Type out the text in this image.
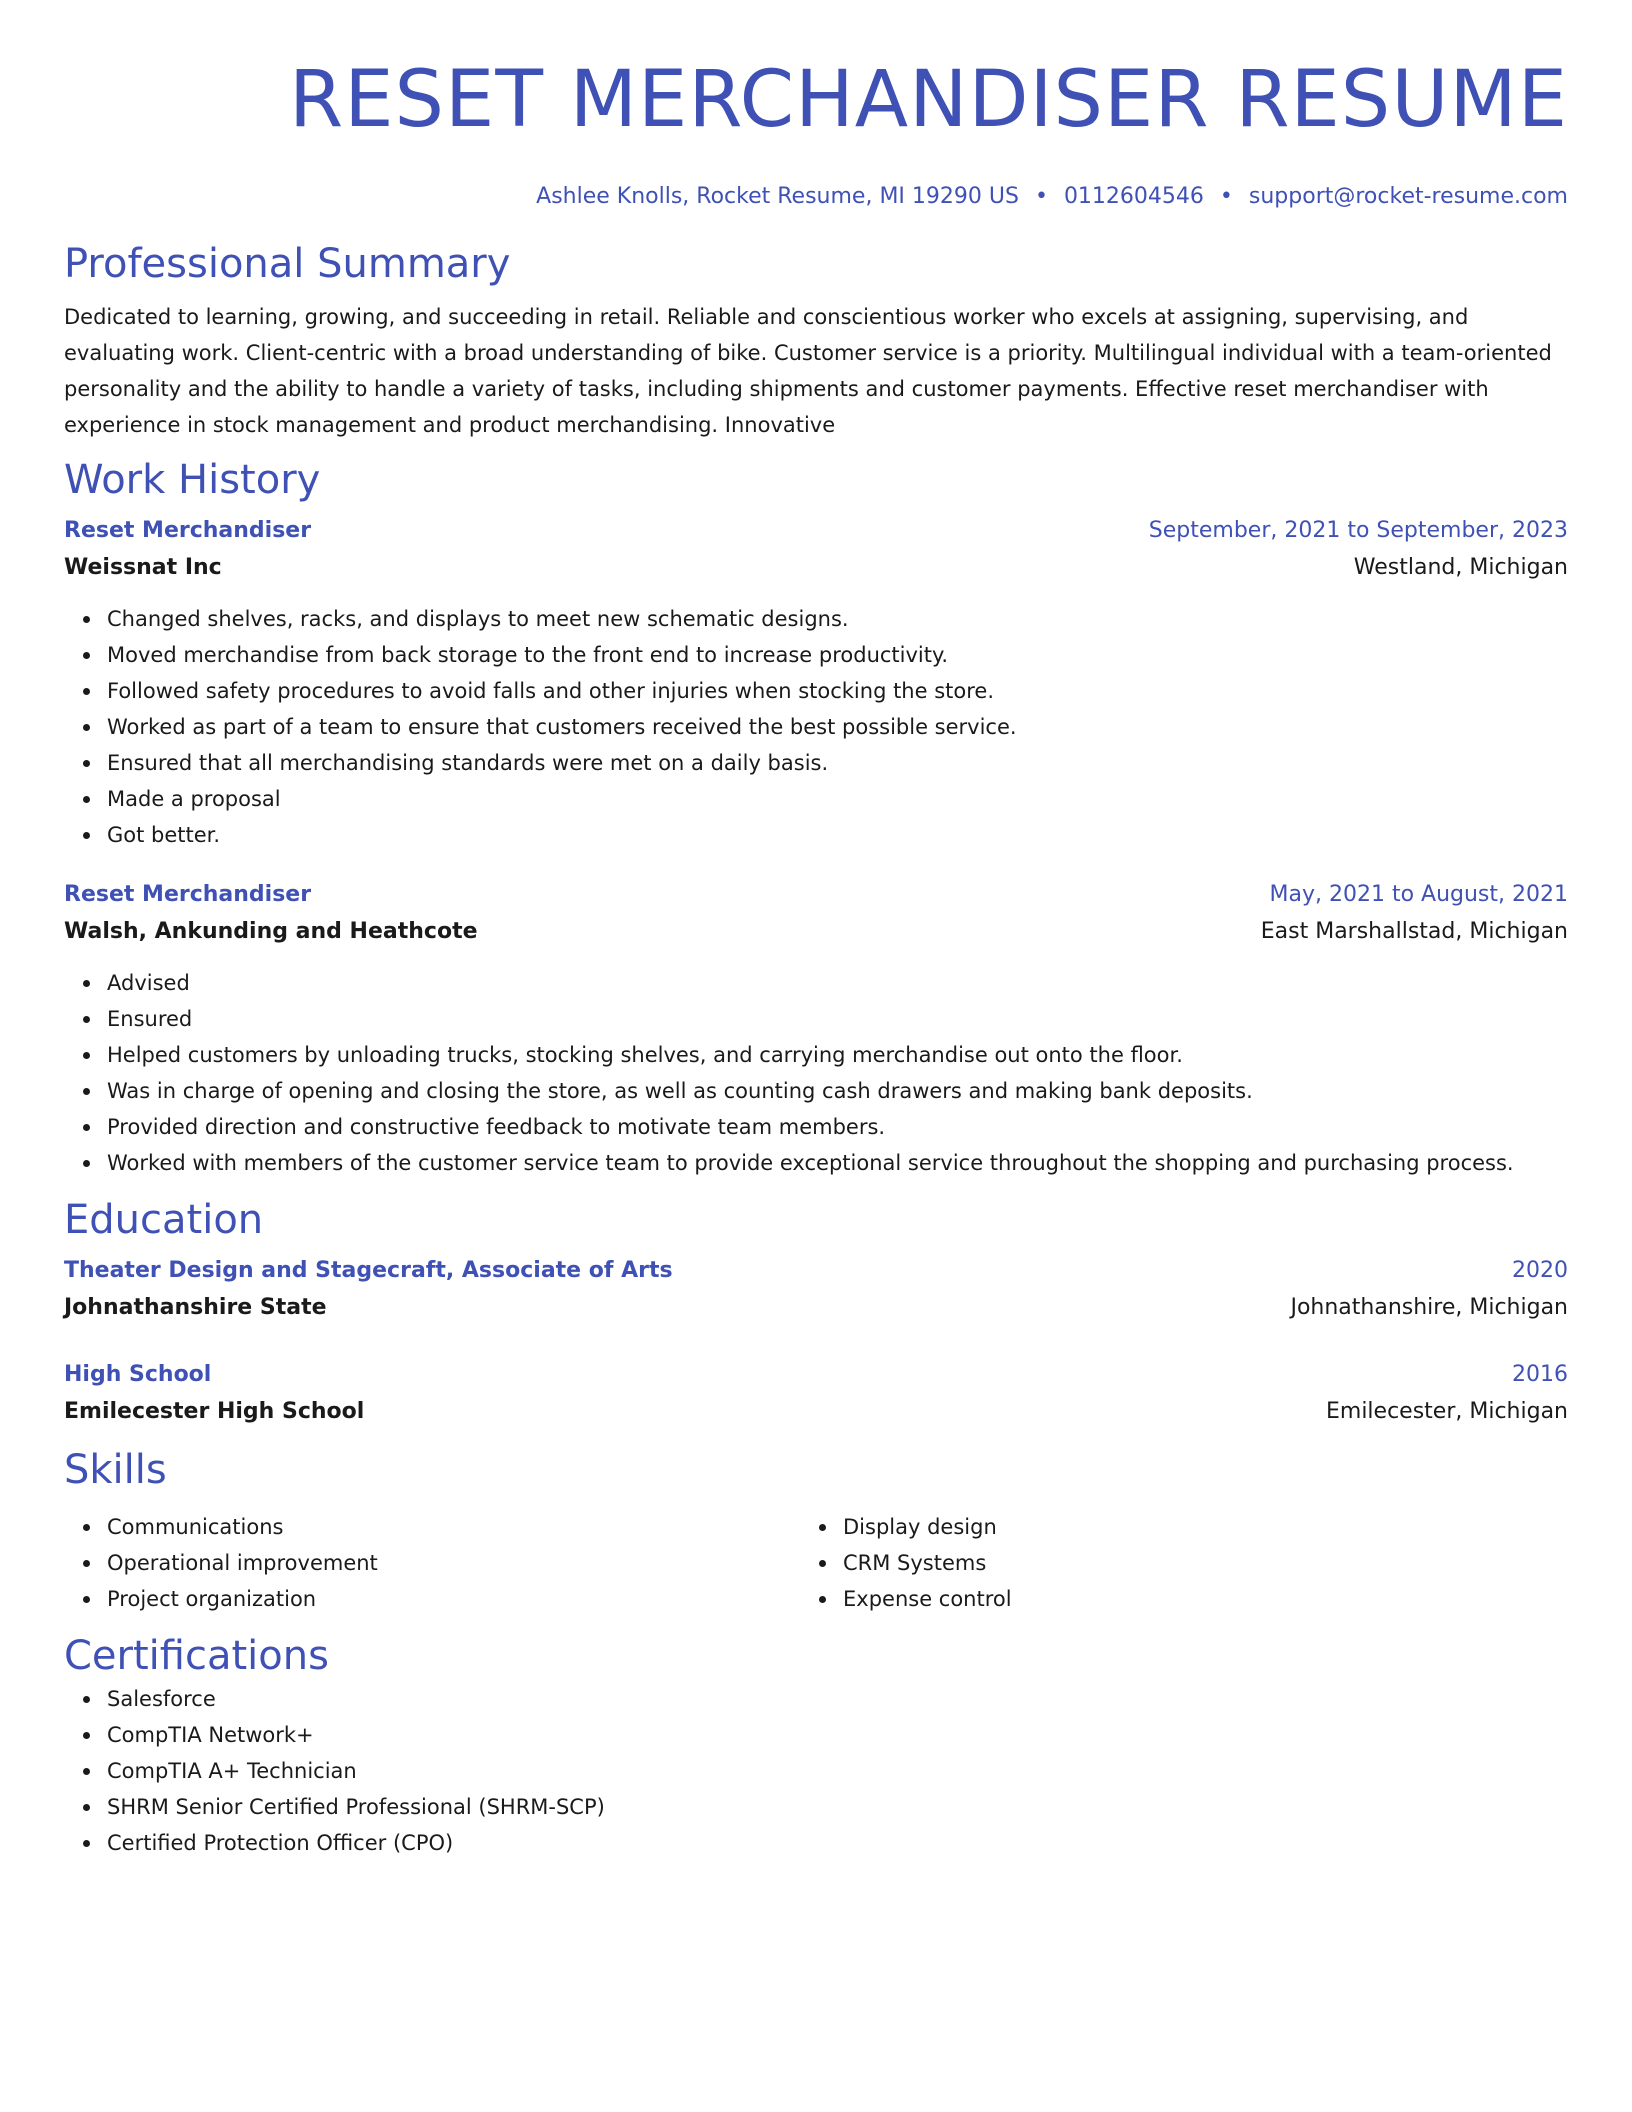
RESET MERCHANDISER RESUME
Ashlee Knolls, Rocket Resume, MI 19290 US • 0112604546 • support@rocket-resume.com
Professional Summary
Dedicated to learning, growing, and succeeding in retail. Reliable and conscientious worker who excels at assigning, supervising, and evaluating work. Client-centric with a broad understanding of bike. Customer service is a priority. Multilingual individual with a team-oriented personality and the ability to handle a variety of tasks, including shipments and customer payments. Effective reset merchandiser with experience in stock management and product merchandising. Innovative
Work History
Reset Merchandiser	September, 2021 to September, 2023
Weissnat Inc	Westland, Michigan
Changed shelves, racks, and displays to meet new schematic designs.
Moved merchandise from back storage to the front end to increase productivity.
Followed safety procedures to avoid falls and other injuries when stocking the store.
Worked as part of a team to ensure that customers received the best possible service.
Ensured that all merchandising standards were met on a daily basis.
Made a proposal
Got better.
Reset Merchandiser	May, 2021 to August, 2021
Walsh, Ankunding and Heathcote	East Marshallstad, Michigan
Advised
Ensured
Helped customers by unloading trucks, stocking shelves, and carrying merchandise out onto the floor.
Was in charge of opening and closing the store, as well as counting cash drawers and making bank deposits.
Provided direction and constructive feedback to motivate team members.
Worked with members of the customer service team to provide exceptional service throughout the shopping and purchasing process.
Education
Theater Design and Stagecraft, Associate of Arts	2020
Johnathanshire State	Johnathanshire, Michigan
High School	2016
Emilecester High School	Emilecester, Michigan
Skills
Communications
Operational improvement
Project organization
Display design
CRM Systems
Expense control
Certifications
Salesforce
CompTIA Network+
CompTIA A+ Technician
SHRM Senior Certified Professional (SHRM-SCP)
Certified Protection Officer (CPO)
